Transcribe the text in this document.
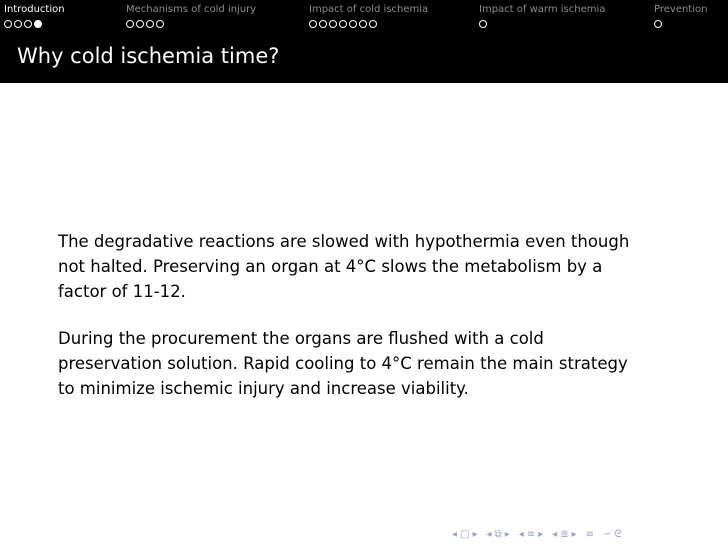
Introduction	Mechanisms of cold injury	Impact of cold ischemia	Impact of warm ischemia	Prevention
Why cold ischemia time?

The degradative reactions are slowed with hypothermia even though not halted. Preserving an organ at 4°C slows the metabolism by a factor of 11-12.

During the procurement the organs are flushed with a cold preservation solution. Rapid cooling to 4°C remain the main strategy to minimize ischemic injury and increase viability.

◂ □ ▸ ◂ ⧉ ▸ ◂ ≡ ▸ ◂ ≣ ▸ ≡ ∽ ᘓ
